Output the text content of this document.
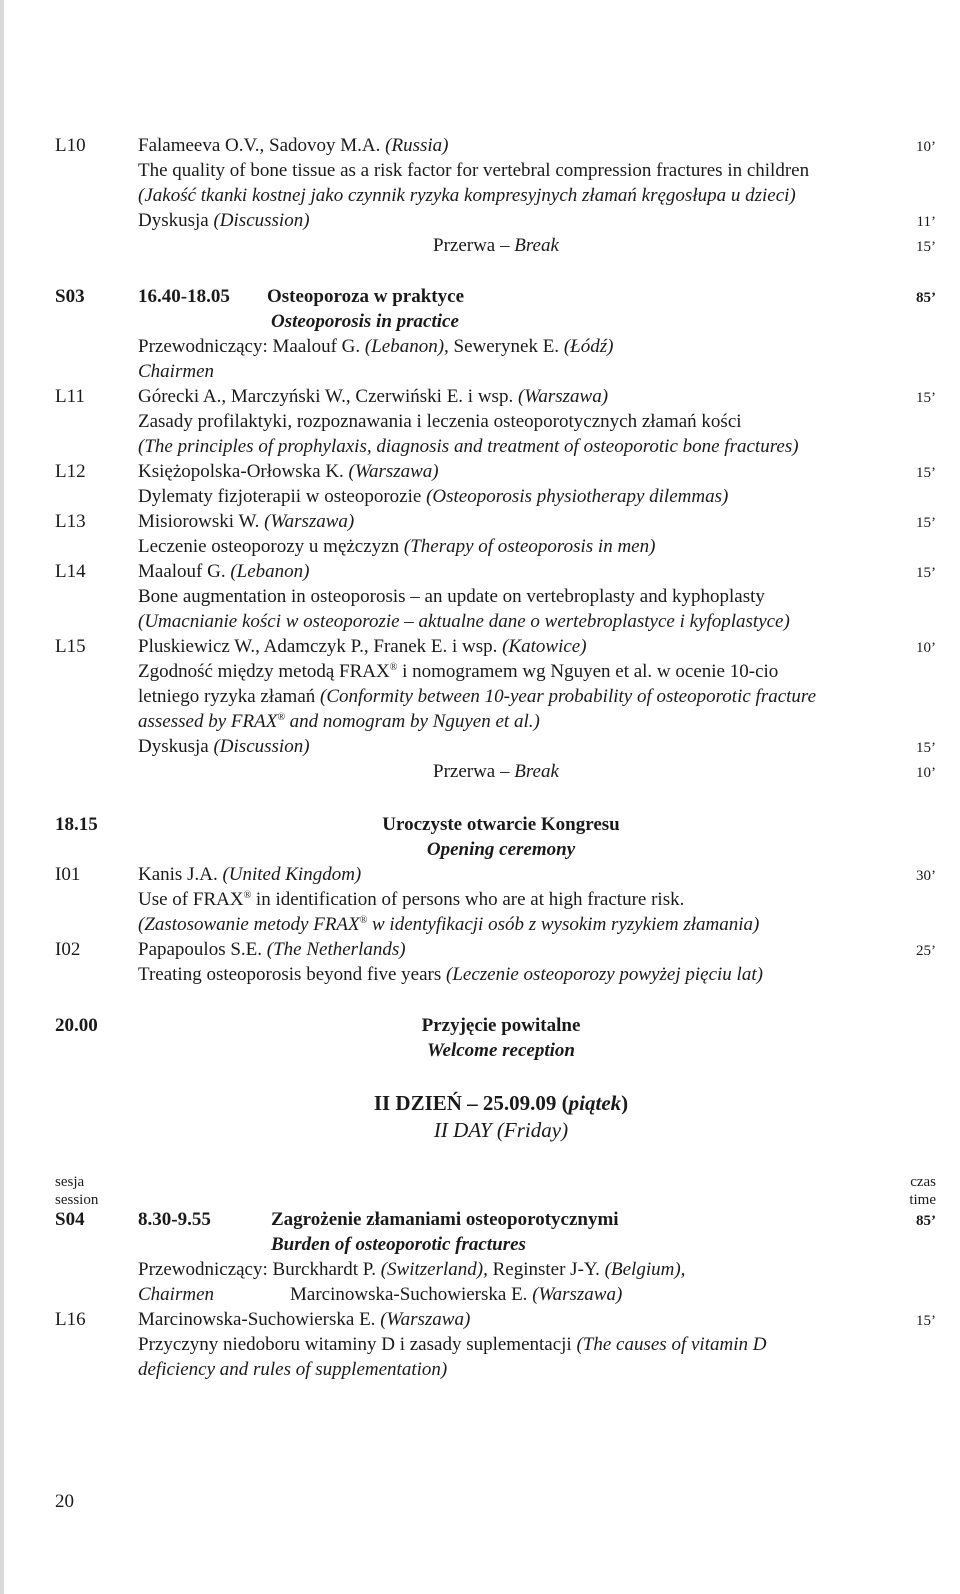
L10	Falameeva O.V., Sadovoy M.A. (Russia)	10’
The quality of bone tissue as a risk factor for vertebral compression fractures in children
(Jakość tkanki kostnej jako czynnik ryzyka kompresyjnych złamań kręgosłupa u dzieci)
Dyskusja (Discussion)	11’
Przerwa – Break	15’
S03	16.40-18.05 Osteoporoza w praktyce	85’
Osteoporosis in practice
Przewodniczący: Maalouf G. (Lebanon), Sewerynek E. (Łódź)
Chairmen
L11	Górecki A., Marczyński W., Czerwiński E. i wsp. (Warszawa)	15’
Zasady profilaktyki, rozpoznawania i leczenia osteoporotycznych złamań kości
(The principles of prophylaxis, diagnosis and treatment of osteoporotic bone fractures)
L12	Księżopolska-Orłowska K. (Warszawa)	15’
Dylematy fizjoterapii w osteoporozie (Osteoporosis physiotherapy dilemmas)
L13	Misiorowski W. (Warszawa)	15’
Leczenie osteoporozy u mężczyzn (Therapy of osteoporosis in men)
L14	Maalouf G. (Lebanon)	15’
Bone augmentation in osteoporosis – an update on vertebroplasty and kyphoplasty
(Umacnianie kości w osteoporozie – aktualne dane o wertebroplastyce i kyfoplastyce)
L15	Pluskiewicz W., Adamczyk P., Franek E. i wsp. (Katowice)	10’
Zgodność między metodą FRAX® i nomogramem wg Nguyen et al. w ocenie 10-cio
letniego ryzyka złamań (Conformity between 10-year probability of osteoporotic fracture
assessed by FRAX® and nomogram by Nguyen et al.)
Dyskusja (Discussion)	15’
Przerwa – Break	10’
18.15	Uroczyste otwarcie Kongresu
Opening ceremony
I01	Kanis J.A. (United Kingdom)	30’
Use of FRAX® in identification of persons who are at high fracture risk.
(Zastosowanie metody FRAX® w identyfikacji osób z wysokim ryzykiem złamania)
I02	Papapoulos S.E. (The Netherlands)	25’
Treating osteoporosis beyond five years (Leczenie osteoporozy powyżej pięciu lat)
20.00	Przyjęcie powitalne
Welcome reception
II DZIEŃ – 25.09.09 (piątek)
II DAY (Friday)
sesja
session
czas
time
S04	8.30-9.55	Zagrożenie złamaniami osteoporotycznymi	85’
Burden of osteoporotic fractures
Przewodniczący: Burckhardt P. (Switzerland), Reginster J-Y. (Belgium),
Chairmen	Marcinowska-Suchowierska E. (Warszawa)
L16	Marcinowska-Suchowierska E. (Warszawa)	15’
Przyczyny niedoboru witaminy D i zasady suplementacji (The causes of vitamin D
deficiency and rules of supplementation)
20
